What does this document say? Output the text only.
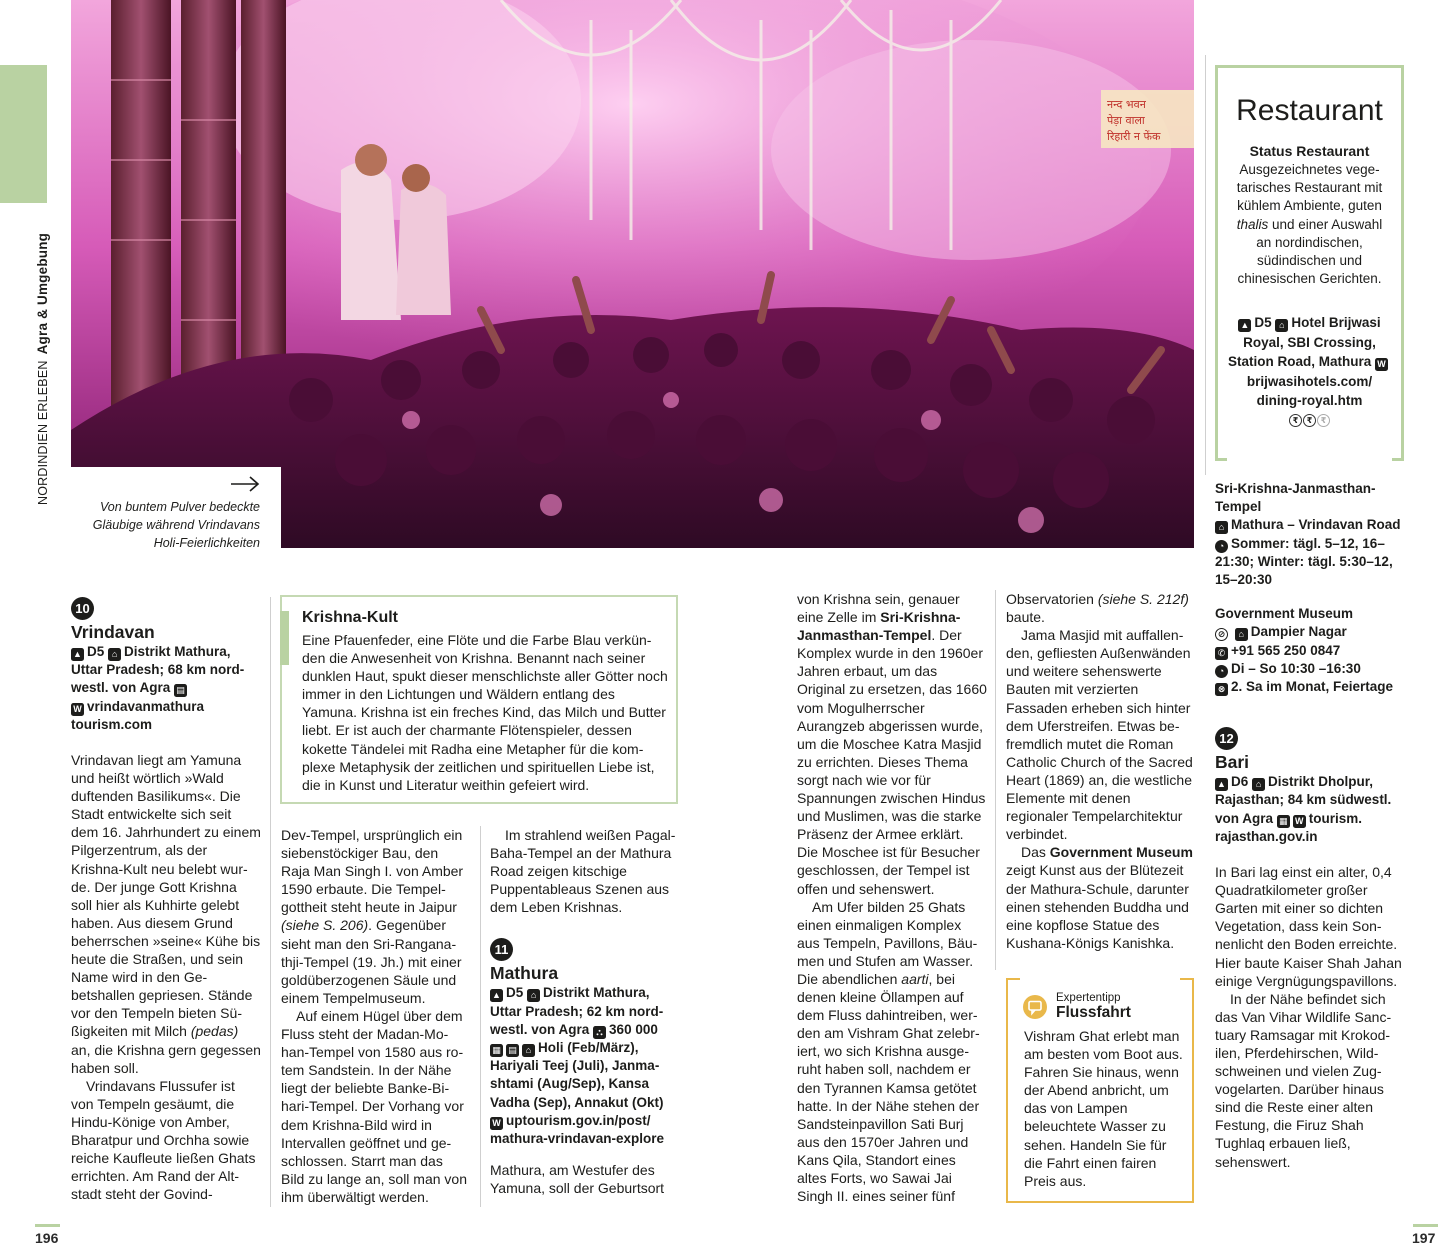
NORDINDIEN ERLEBENAgra & Umgebung
नन्द भवन पेड़ा वाला रिहारी न फेंक
Von buntem Pulver bedeckte Gläubige während Vrindavans Holi-Feierlichkeiten
Restaurant
Status Restaurant
Ausgezeichnetes vegetarisches Restaurant mit kühlem Ambiente, guten thalis und einer Auswahl an nordindischen, südindischen und chinesischen Gerichten.
▲ D5 ⌂ Hotel Brijwasi Royal, SBI Crossing, Station Road, Mathura Wbrijwasihotels.com/ dining-royal.htm
₹ ₹ ₹
10
Vrindavan
▲ D5 ⌂ Distrikt Mathura, Uttar Pradesh; 68 km nordwestl. von Agra ▤
W vrindavanmathura tourism.com

Vrindavan liegt am Yamuna und heißt wörtlich »Wald duftenden Basilikums«. Die Stadt entwickelte sich seit dem 16. Jahrhundert zu einem Pilgerzentrum, als der Krishna-Kult neu belebt wurde. Der junge Gott Krishna soll hier als Kuhhirte gelebt haben. Aus diesem Grund beherrschen »seine« Kühe bis heute die Straßen, und sein Name wird in den Gebetshallen gepriesen. Stände vor den Tempeln bieten Süßigkeiten mit Milch (pedas) an, die Krishna gern gegessen haben soll.

Vrindavans Flussufer ist von Tempeln gesäumt, die Hindu-Könige von Amber, Bharatpur und Orchha sowie reiche Kaufleute ließen Ghats errichten. Am Rand der Altstadt steht der Govind-

Krishna-Kult
Eine Pfauenfeder, eine Flöte und die Farbe Blau verkünden die Anwesenheit von Krishna. Benannt nach seiner dunklen Haut, spukt dieser menschlichste aller Götter noch immer in den Lichtungen und Wäldern entlang des Yamuna. Krishna ist ein freches Kind, das Milch und Butter liebt. Er ist auch der charmante Flötenspieler, dessen kokette Tändelei mit Radha eine Metapher für die komplexe Metaphysik der zeitlichen und spirituellen Liebe ist, die in Kunst und Literatur weithin gefeiert wird.

Dev-Tempel, ursprünglich ein siebenstöckiger Bau, den Raja Man Singh I. von Amber 1590 erbaute. Die Tempelgottheit steht heute in Jaipur (siehe S. 206). Gegenüber sieht man den Sri-Ranganathji-Tempel (19. Jh.) mit einer goldüberzogenen Säule und einem Tempelmuseum.

Auf einem Hügel über dem Fluss steht der Madan-Mohan-Tempel von 1580 aus rotem Sandstein. In der Nähe liegt der beliebte Banke-Bihari-Tempel. Der Vorhang vor dem Krishna-Bild wird in Intervallen geöffnet und geschlossen. Starrt man das Bild zu lange an, soll man von ihm überwältigt werden.

Im strahlend weißen Pagal-Baha-Tempel an der Mathura Road zeigen kitschige Puppentableaus Szenen aus dem Leben Krishnas.

11
Mathura
▲ D5 ⌂ Distrikt Mathura, Uttar Pradesh; 62 km nordwestl. von Agra ⛬ 360 000
▦ ▤ ⌂ Holi (Feb/März), Hariyali Teej (Juli), Janmashtami (Aug/Sep), Kansa Vadha (Sep), Annakut (Okt)
W uptourism.gov.in/post/ mathura-vrindavan-explore

Mathura, am Westufer des Yamuna, soll der Geburtsort

von Krishna sein, genauer eine Zelle im Sri-Krishna-Janmasthan-Tempel. Der Komplex wurde in den 1960er Jahren erbaut, um das Original zu ersetzen, das 1660 vom Mogulherrscher Aurangzeb abgerissen wurde, um die Moschee Katra Masjid zu errichten. Dieses Thema sorgt nach wie vor für Spannungen zwischen Hindus und Muslimen, was die starke Präsenz der Armee erklärt. Die Moschee ist für Besucher geschlossen, der Tempel ist offen und sehenswert.

Am Ufer bilden 25 Ghats einen einmaligen Komplex aus Tempeln, Pavillons, Bäumen und Stufen am Wasser. Die abendlichen aarti, bei denen kleine Öllampen auf dem Fluss dahintreiben, werden am Vishram Ghat zelebriert, wo sich Krishna ausgeruht haben soll, nachdem er den Tyrannen Kamsa getötet hatte. In der Nähe stehen der Sandsteinpavillon Sati Burj aus den 1570er Jahren und Kans Qila, Standort eines altes Forts, wo Sawai Jai Singh II. eines seiner fünf

Observatorien (siehe S. 212f) baute.

Jama Masjid mit auffallenden, gefliesten Außenwänden und weitere sehenswerte Bauten mit verzierten Fassaden erheben sich hinter dem Uferstreifen. Etwas befremdlich mutet die Roman Catholic Church of the Sacred Heart (1869) an, die westliche Elemente mit denen regionaler Tempelarchitektur verbindet.

Das Government Museum zeigt Kunst aus der Blütezeit der Mathura-Schule, darunter einen stehenden Buddha und eine kopflose Statue des Kushana-Königs Kanishka.

Expertentipp
Flussfahrt
Vishram Ghat erlebt man am besten vom Boot aus. Fahren Sie hinaus, wenn der Abend anbricht, um das von Lampen beleuchtete Wasser zu sehen. Handeln Sie für die Fahrt einen fairen Preis aus.
Sri-Krishna-Janmasthan-Tempel
⌂ Mathura – Vrindavan Road ◔ Sommer: tägl. 5–12, 16–21:30; Winter: tägl. 5:30–12, 15–20:30
Government Museum
⊘ ⌂ Dampier Nagar
✆ +91 565 250 0847
◔ Di – So 10:30 –16:30
⊗ 2. Sa im Monat, Feiertage
12
Bari
▲ D6 ⌂ Distrikt Dholpur, Rajasthan; 84 km südwestl. von Agra ▦ W tourism. rajasthan.gov.in

In Bari lag einst ein alter, 0,4 Quadratkilometer großer Garten mit einer so dichten Vegetation, dass kein Sonnenlicht den Boden erreichte. Hier baute Kaiser Shah Jahan einige Vergnügungspavillons.

In der Nähe befindet sich das Van Vihar Wildlife Sanctuary Ramsagar mit Krokodilen, Pferdehirschen, Wildschweinen und vielen Zugvogelarten. Darüber hinaus sind die Reste einer alten Festung, die Firuz Shah Tughlaq erbauen ließ, sehenswert.

196	197
